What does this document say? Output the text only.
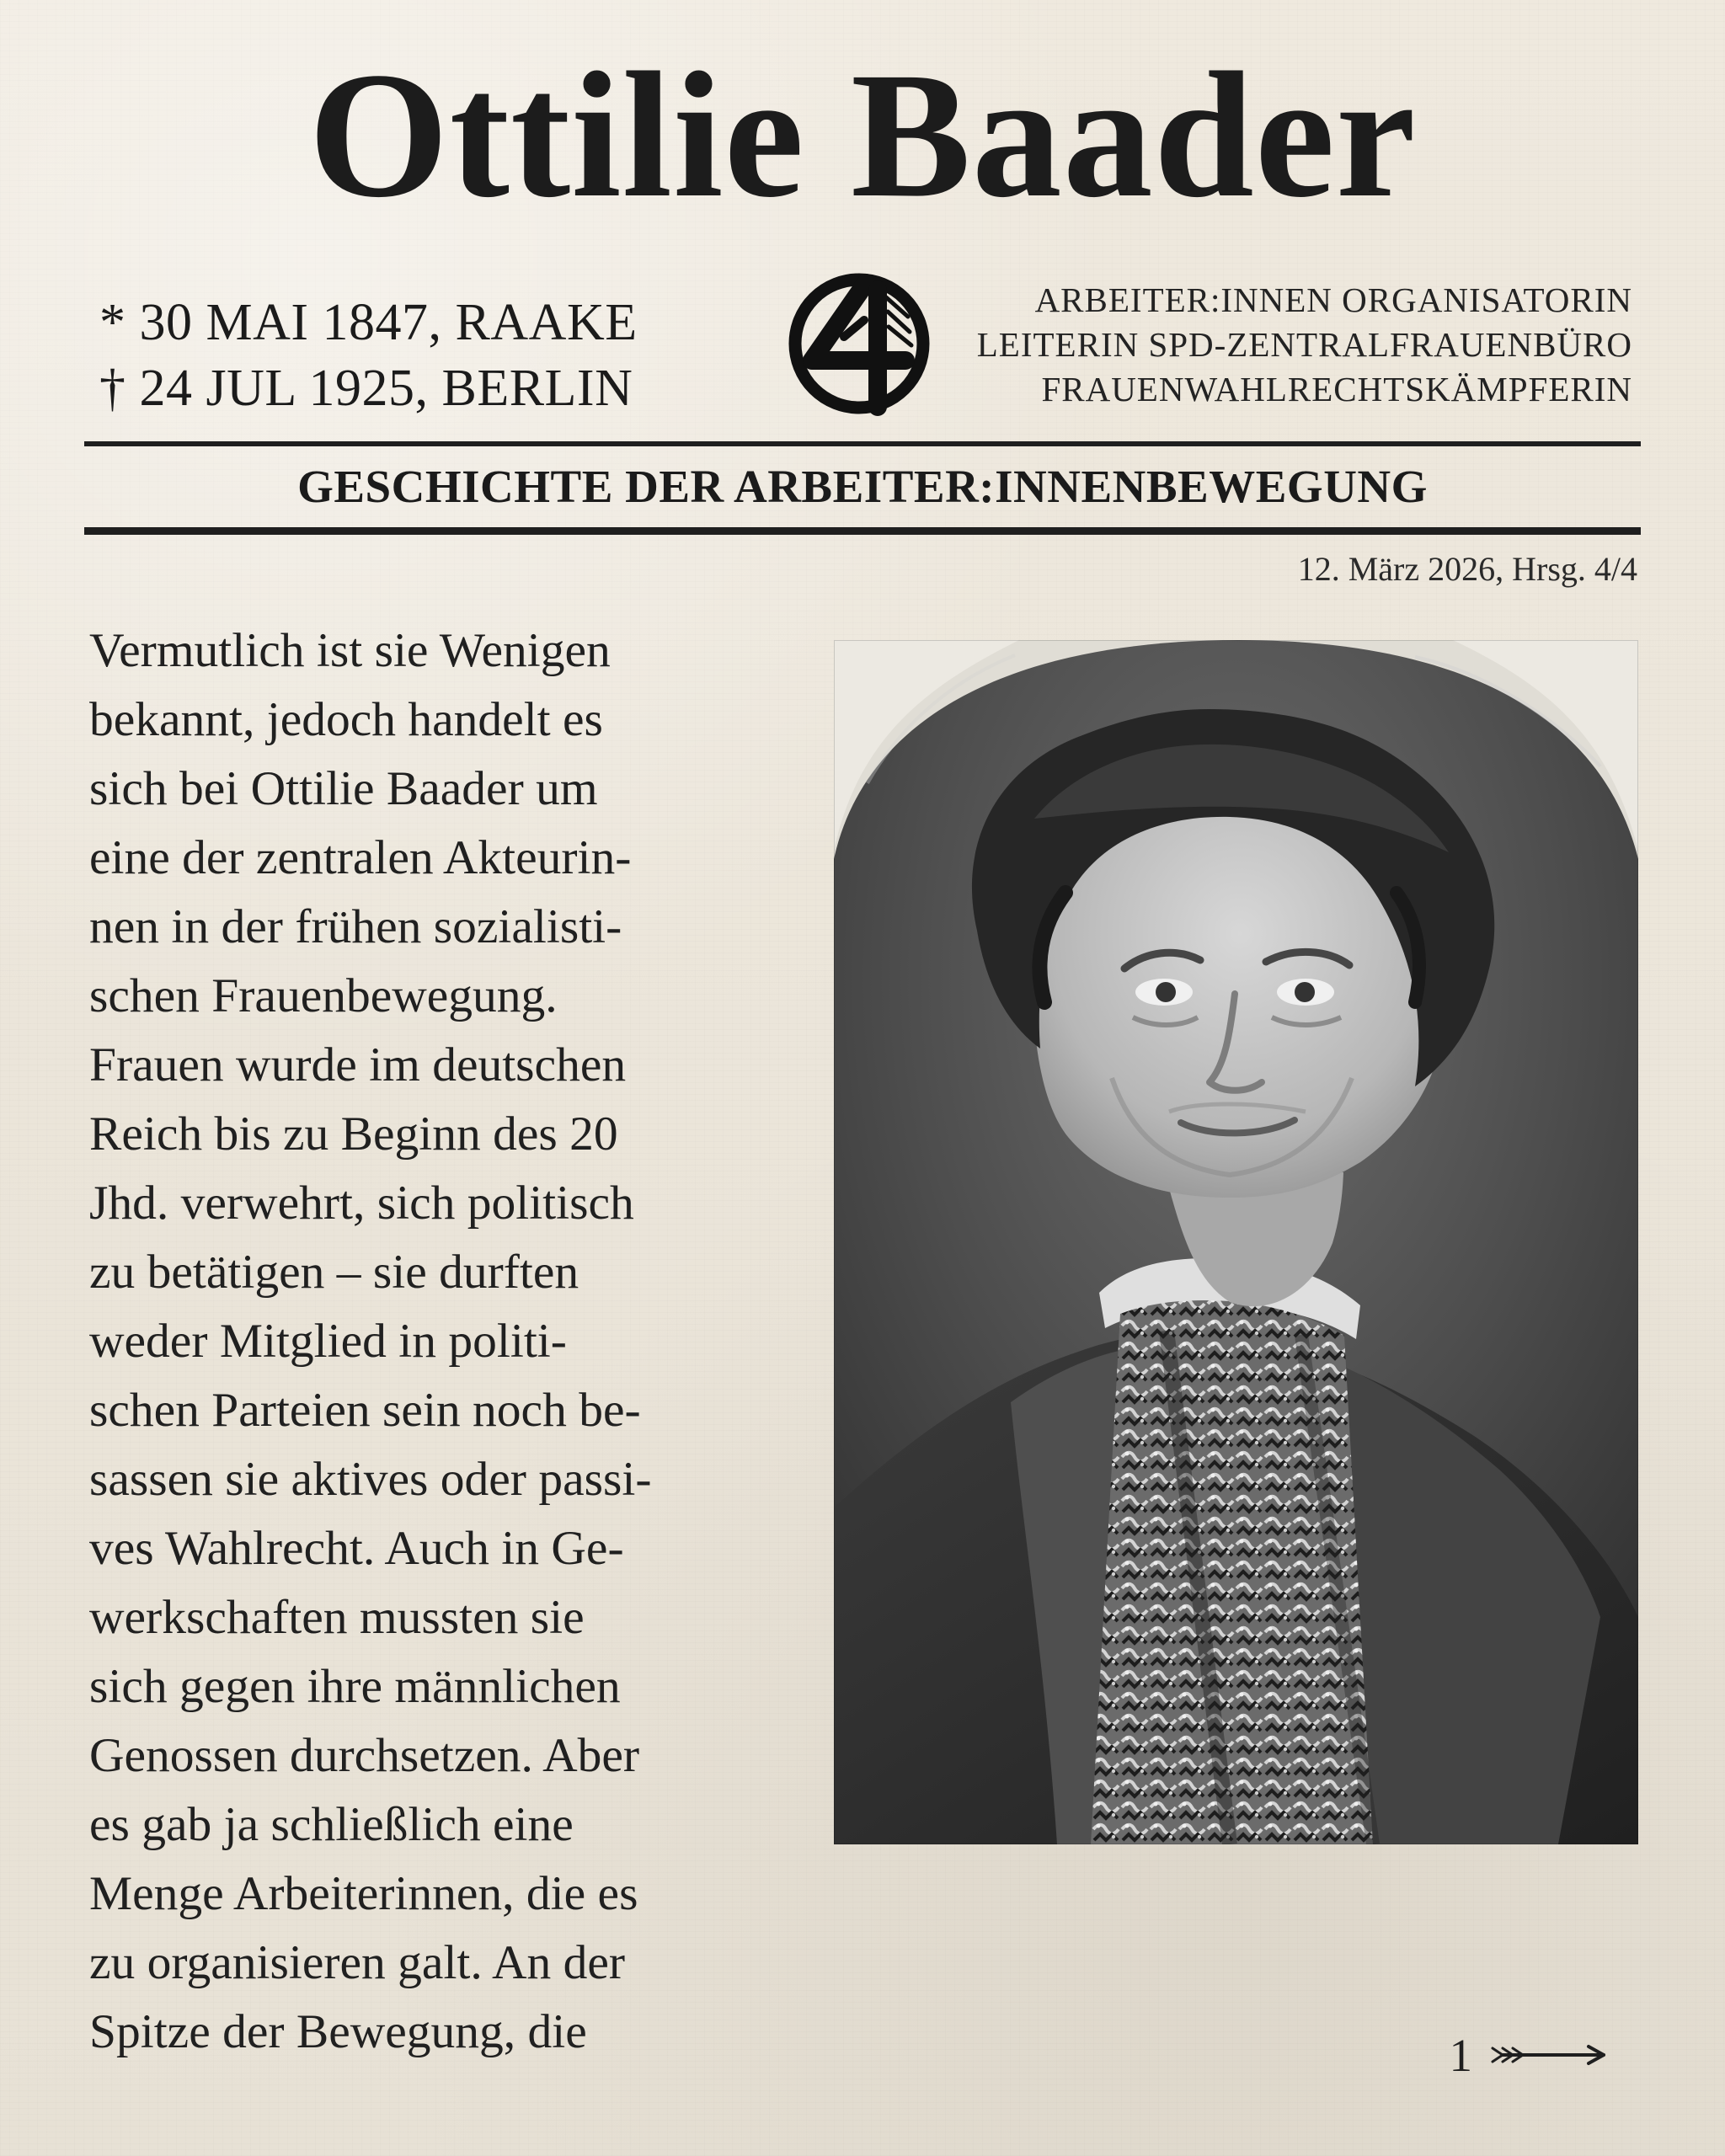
Ottilie Baader
* 30 MAI 1847, RAAKE
† 24 JUL 1925, BERLIN
ARBEITER:INNEN ORGANISATORIN
LEITERIN SPD-ZENTRALFRAUENBÜRO
FRAUENWAHLRECHTSKÄMPFERIN
GESCHICHTE DER ARBEITER:INNENBEWEGUNG
12. März 2026, Hrsg. 4/4
Vermutlich ist sie Wenigen
bekannt, jedoch handelt es
sich bei Ottilie Baader um
eine der zentralen Akteurin-
nen in der frühen sozialisti-
schen Frauenbewegung.
Frauen wurde im deutschen
Reich bis zu Beginn des 20
Jhd. verwehrt, sich politisch
zu betätigen – sie durften
weder Mitglied in politi-
schen Parteien sein noch be-
sassen sie aktives oder passi-
ves Wahlrecht. Auch in Ge-
werkschaften mussten sie
sich gegen ihre männlichen
Genossen durchsetzen. Aber
es gab ja schließlich eine
Menge Arbeiterinnen, die es
zu organisieren galt. An der
Spitze der Bewegung, die	1
